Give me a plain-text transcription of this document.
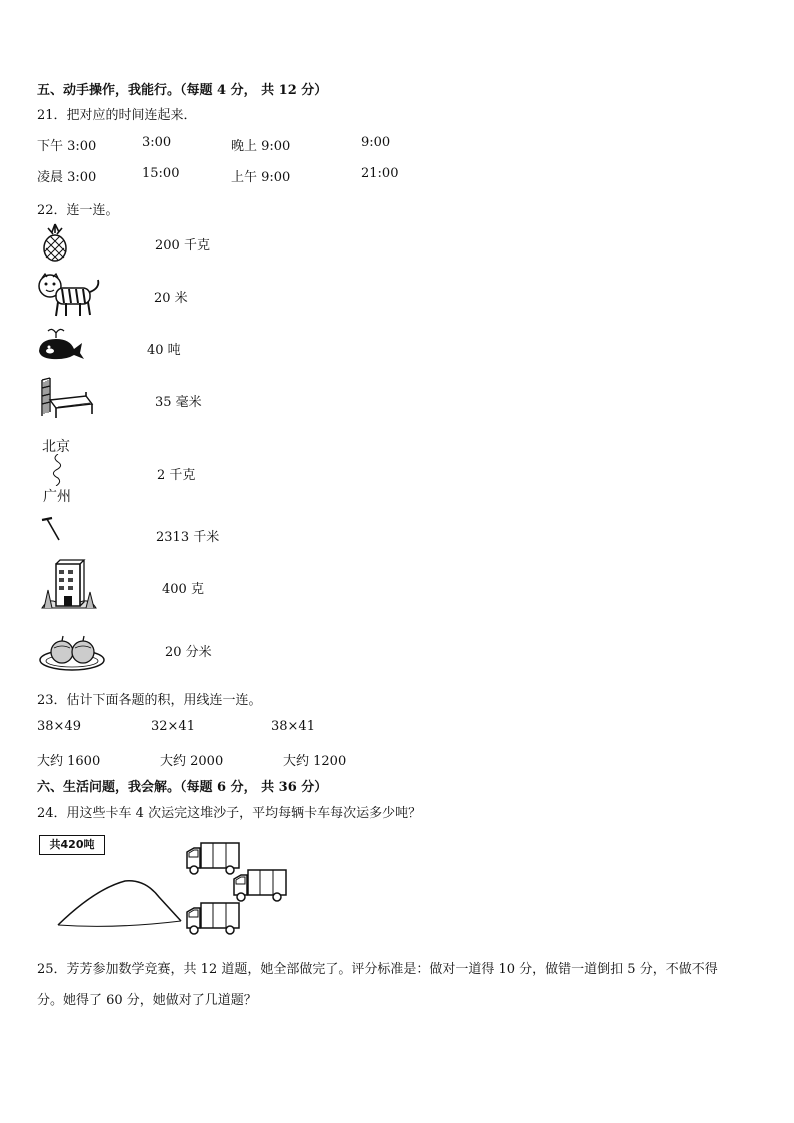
五、动手操作，我能行。（每题 4 分， 共 12 分）
21．把对应的时间连起来．
下午 3:00	3:00	晚上 9:00	9:00
凌晨 3:00	15:00	上午 9:00	21:00
22．连一连。
200 千克
20 米
40 吨
35 毫米
北京
广州
2 千克
2313 千米
400 克
20 分米
23．估计下面各题的积，用线连一连。
38×49	32×41	38×41
大约 1600	大约 2000	大约 1200
六、生活问题，我会解。（每题 6 分， 共 36 分）
24．用这些卡车 4 次运完这堆沙子，平均每辆卡车每次运多少吨？
共420吨
25．芳芳参加数学竞赛，共 12 道题，她全部做完了。评分标准是：做对一道得 10 分，做错一道倒扣 5 分，不做不得
分。她得了 60 分，她做对了几道题？
